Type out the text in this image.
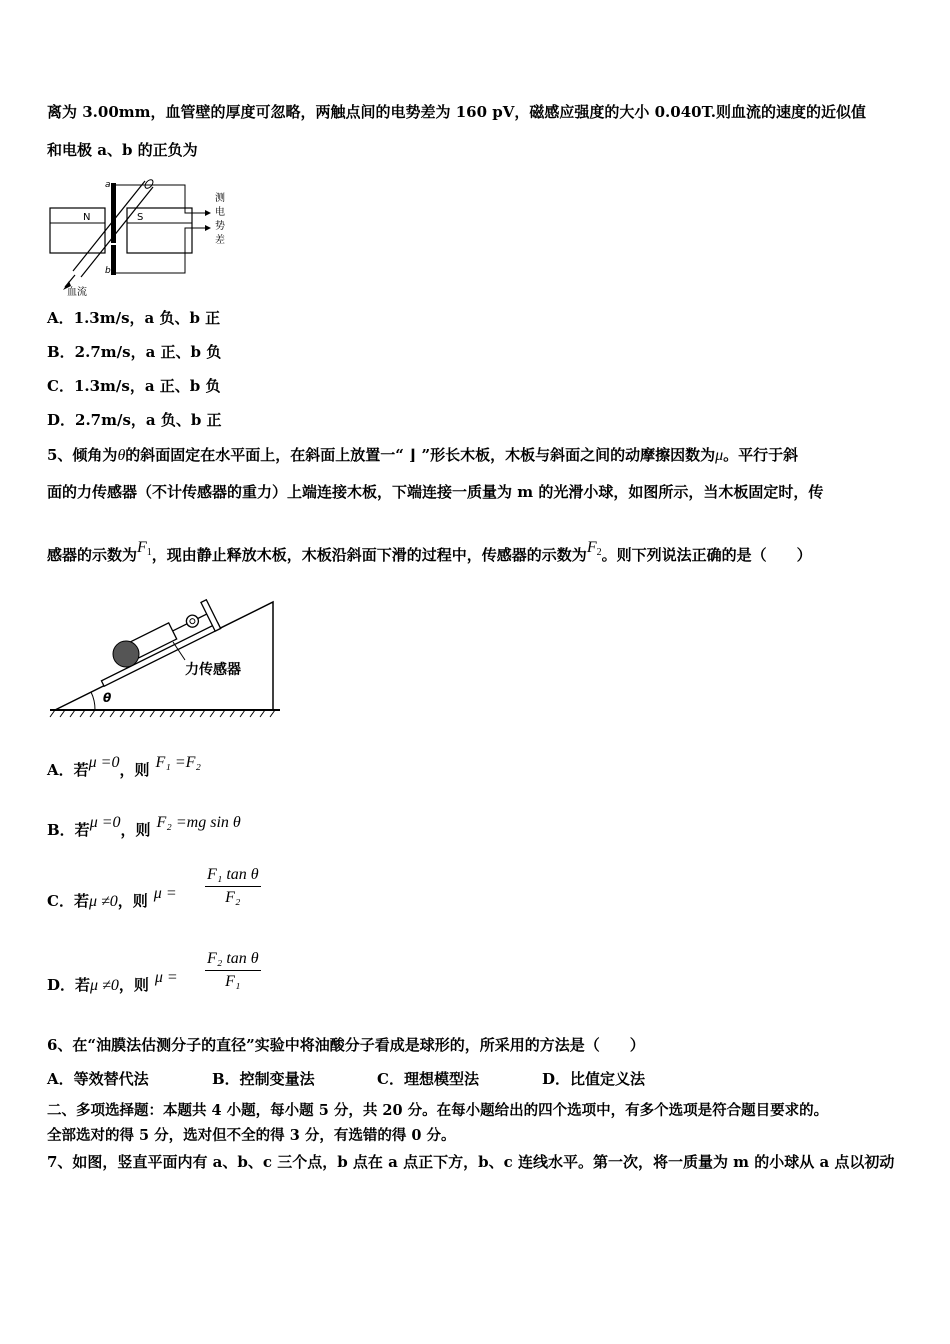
离为 3.00mm，血管壁的厚度可忽略，两触点间的电势差为 160 pV，磁感应强度的大小 0.040T.则血流的速度的近似值
和电极 a、b 的正负为
N	S
a
b
血流
测
电
势
差
A．1.3m/s，a 负、b 正
B．2.7m/s，a 正、b 负
C．1.3m/s，a 正、b 负
D．2.7m/s，a 负、b 正
5、倾角为θ的斜面固定在水平面上，在斜面上放置一“ ⌋ ”形长木板，木板与斜面之间的动摩擦因数为μ。平行于斜
面的力传感器（不计传感器的重力）上端连接木板，下端连接一质量为 m 的光滑小球，如图所示，当木板固定时，传
感器的示数为$F_1$，现由静止释放木板，木板沿斜面下滑的过程中，传感器的示数为$F_2$。则下列说法正确的是（　　）
θ
力传感器
A．若μ =0，则 F₁ =F₂
B．若μ =0，则 F₂ =mg sin θ
C．若μ ≠0，则 μ =	$\frac{\text{F₁ tan θ}}{\text{F₂}}$
D．若μ ≠0，则 μ =	$\frac{\text{F₂ tan θ}}{\text{F₁}}$
6、在“油膜法估测分子的直径”实验中将油酸分子看成是球形的，所采用的方法是（　　）
A．等效替代法	B．控制变量法	C．理想模型法	D．比值定义法
二、多项选择题：本题共 4 小题，每小题 5 分，共 20 分。在每小题给出的四个选项中，有多个选项是符合题目要求的。
全部选对的得 5 分，选对但不全的得 3 分，有选错的得 0 分。
7、如图，竖直平面内有 a、b、c 三个点，b 点在 a 点正下方，b、c 连线水平。第一次，将一质量为 m 的小球从 a 点以初动
